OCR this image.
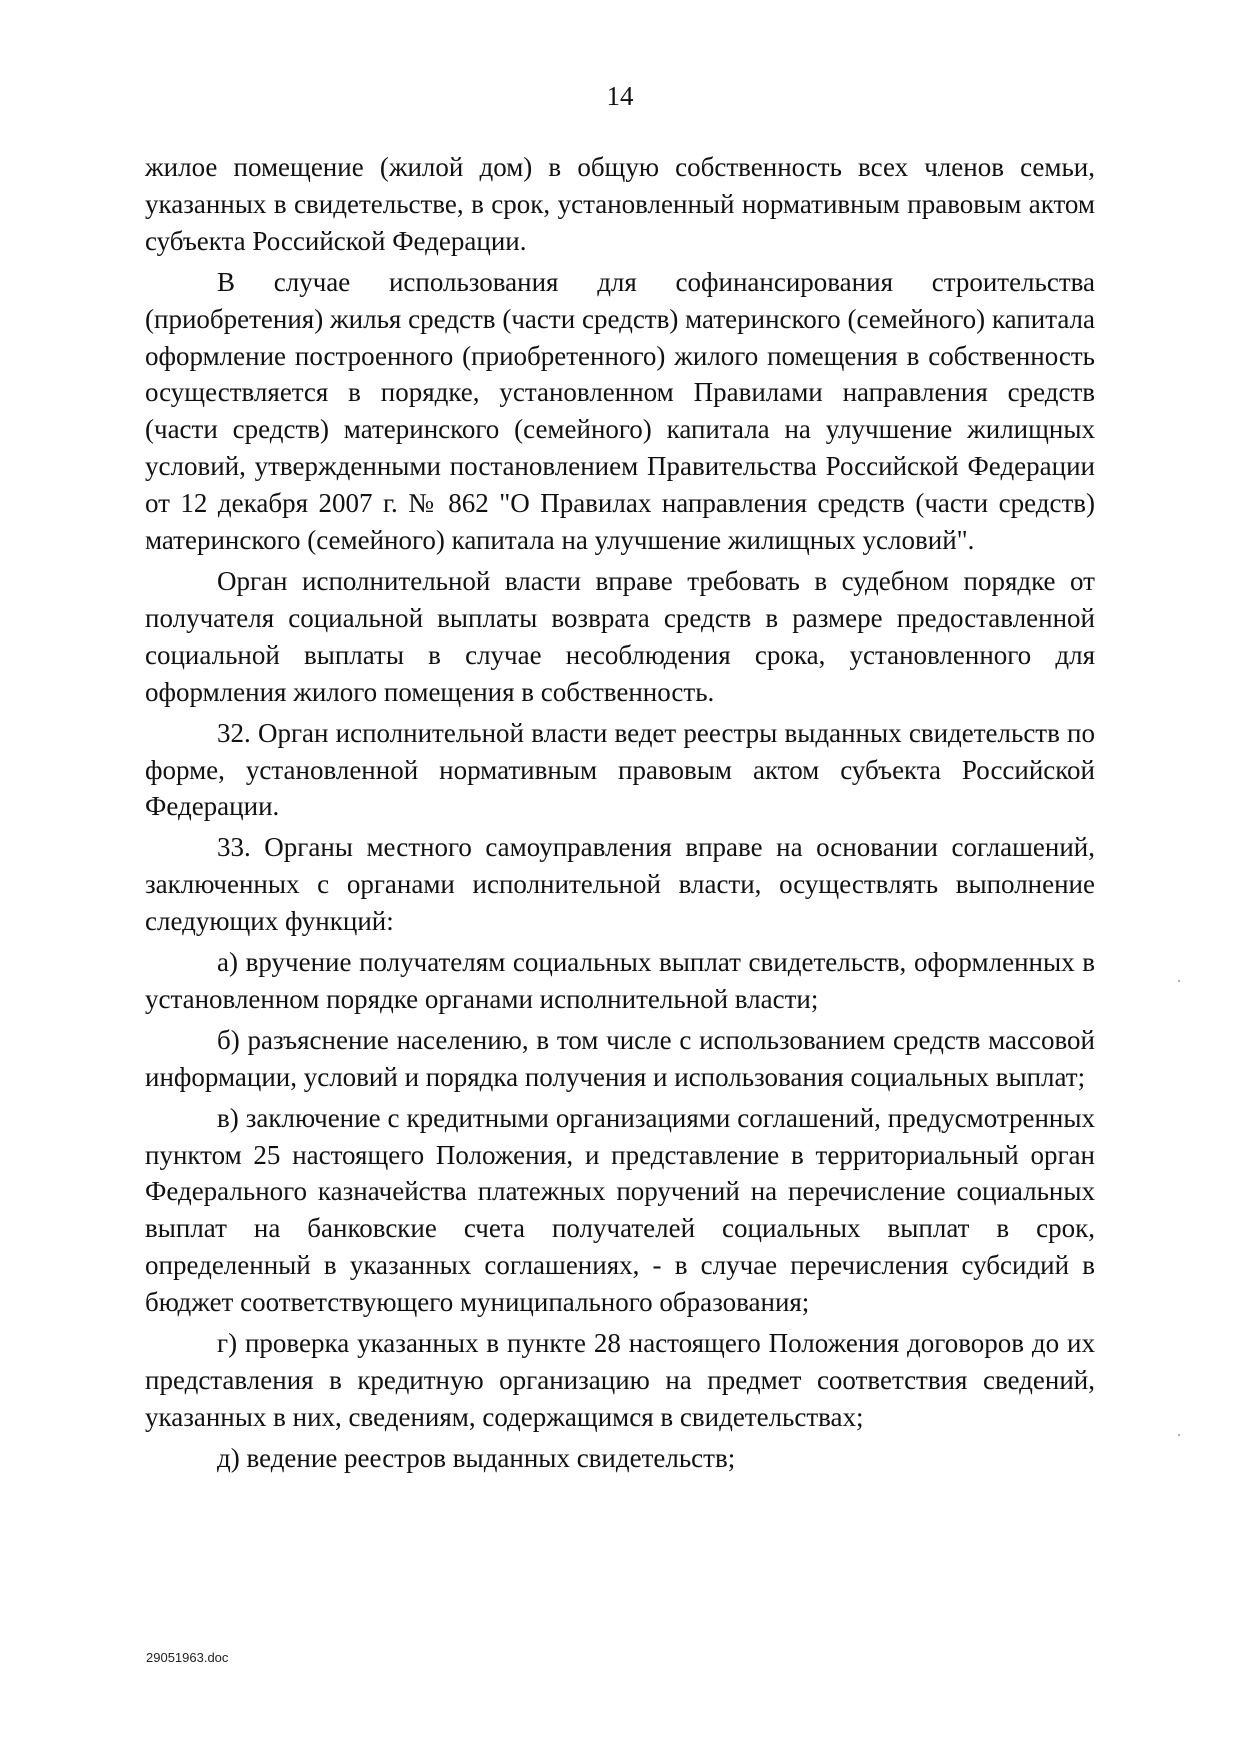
14

жилое помещение (жилой дом) в общую собственность всех членов семьи, указанных в свидетельстве, в срок, установленный нормативным правовым актом субъекта Российской Федерации.

В случае использования для софинансирования строительства (приобретения) жилья средств (части средств) материнского (семейного) капитала оформление построенного (приобретенного) жилого помещения в собственность осуществляется в порядке, установленном Правилами направления средств (части средств) материнского (семейного) капитала на улучшение жилищных условий, утвержденными постановлением Правительства Российской Федерации от 12 декабря 2007 г. № 862 "О Правилах направления средств (части средств) материнского (семейного) капитала на улучшение жилищных условий".

Орган исполнительной власти вправе требовать в судебном порядке от получателя социальной выплаты возврата средств в размере предоставленной социальной выплаты в случае несоблюдения срока, установленного для оформления жилого помещения в собственность.

32. Орган исполнительной власти ведет реестры выданных свидетельств по форме, установленной нормативным правовым актом субъекта Российской Федерации.

33. Органы местного самоуправления вправе на основании соглашений, заключенных с органами исполнительной власти, осуществлять выполнение следующих функций:

а) вручение получателям социальных выплат свидетельств, оформленных в установленном порядке органами исполнительной власти;

б) разъяснение населению, в том числе с использованием средств массовой информации, условий и порядка получения и использования социальных выплат;

в) заключение с кредитными организациями соглашений, предусмотренных пунктом 25 настоящего Положения, и представление в территориальный орган Федерального казначейства платежных поручений на перечисление социальных выплат на банковские счета получателей социальных выплат в срок, определенный в указанных соглашениях, - в случае перечисления субсидий в бюджет соответствующего муниципального образования;

г) проверка указанных в пункте 28 настоящего Положения договоров до их представления в кредитную организацию на предмет соответствия сведений, указанных в них, сведениям, содержащимся в свидетельствах;

д) ведение реестров выданных свидетельств;

29051963.doc
